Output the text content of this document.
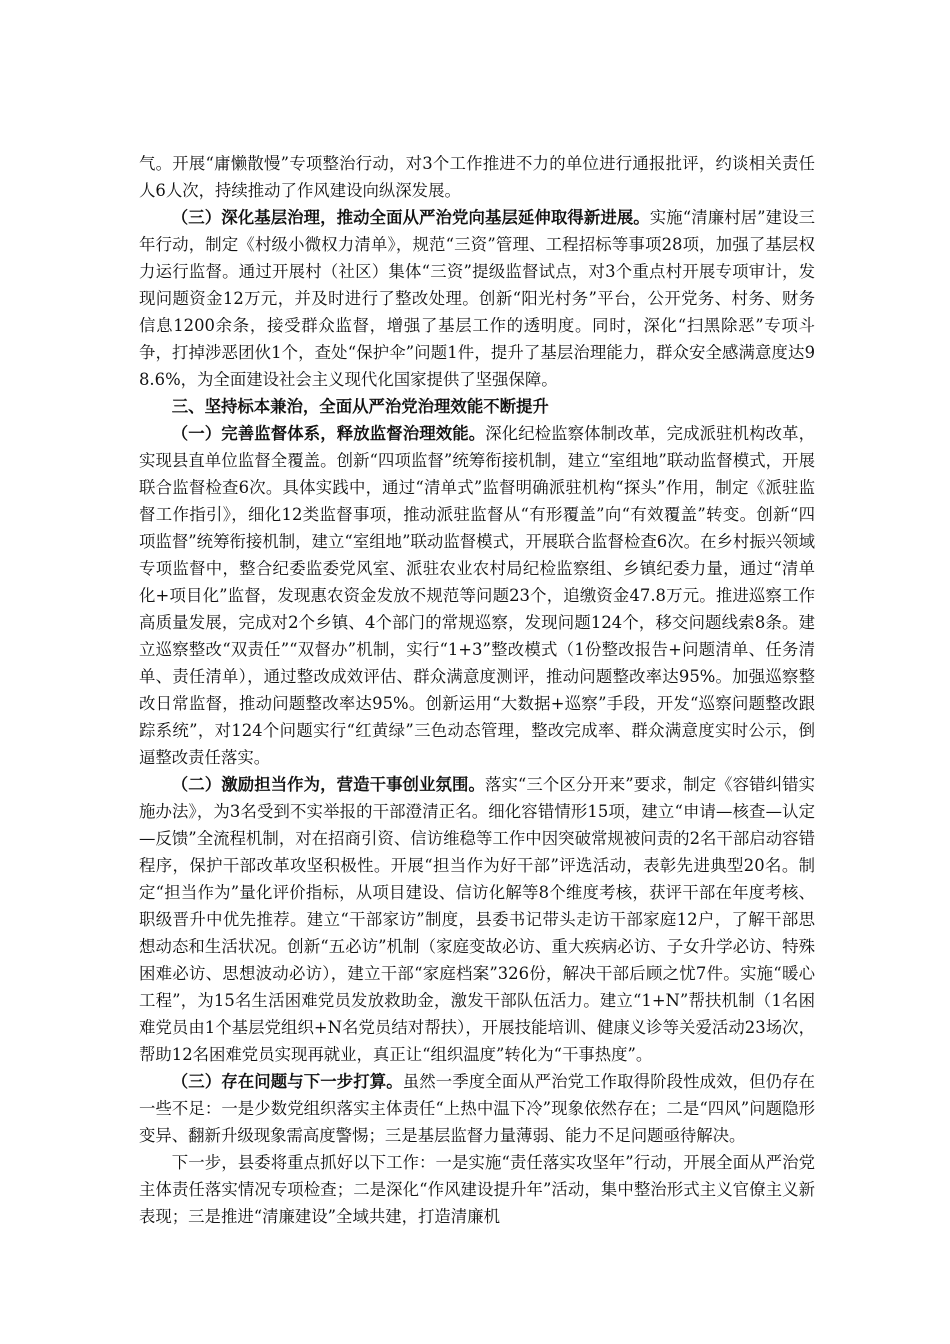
气。开展“庸懒散慢”专项整治行动，对3个工作推进不力的单位进行通报批评，约谈相关责任人6人次，持续推动了作风建设向纵深发展。

（三）深化基层治理，推动全面从严治党向基层延伸取得新进展。实施“清廉村居”建设三年行动，制定《村级小微权力清单》，规范“三资”管理、工程招标等事项28项，加强了基层权力运行监督。通过开展村（社区）集体“三资”提级监督试点，对3个重点村开展专项审计，发现问题资金12万元，并及时进行了整改处理。创新“阳光村务”平台，公开党务、村务、财务信息1200余条，接受群众监督，增强了基层工作的透明度。同时，深化“扫黑除恶”专项斗争，打掉涉恶团伙1个，查处“保护伞”问题1件，提升了基层治理能力，群众安全感满意度达98.6%，为全面建设社会主义现代化国家提供了坚强保障。

三、坚持标本兼治，全面从严治党治理效能不断提升

（一）完善监督体系，释放监督治理效能。深化纪检监察体制改革，完成派驻机构改革，实现县直单位监督全覆盖。创新“四项监督”统筹衔接机制，建立“室组地”联动监督模式，开展联合监督检查6次。具体实践中，通过“清单式”监督明确派驻机构“探头”作用，制定《派驻监督工作指引》，细化12类监督事项，推动派驻监督从“有形覆盖”向“有效覆盖”转变。创新“四项监督”统筹衔接机制，建立“室组地”联动监督模式，开展联合监督检查6次。在乡村振兴领域专项监督中，整合纪委监委党风室、派驻农业农村局纪检监察组、乡镇纪委力量，通过“清单化+项目化”监督，发现惠农资金发放不规范等问题23个，追缴资金47.8万元。推进巡察工作高质量发展，完成对2个乡镇、4个部门的常规巡察，发现问题124个，移交问题线索8条。建立巡察整改“双责任”“双督办”机制，实行“1+3”整改模式（1份整改报告+问题清单、任务清单、责任清单），通过整改成效评估、群众满意度测评，推动问题整改率达95%。加强巡察整改日常监督，推动问题整改率达95%。创新运用“大数据+巡察”手段，开发“巡察问题整改跟踪系统”，对124个问题实行“红黄绿”三色动态管理，整改完成率、群众满意度实时公示，倒逼整改责任落实。

（二）激励担当作为，营造干事创业氛围。落实“三个区分开来”要求，制定《容错纠错实施办法》，为3名受到不实举报的干部澄清正名。细化容错情形15项，建立“申请—核查—认定—反馈”全流程机制，对在招商引资、信访维稳等工作中因突破常规被问责的2名干部启动容错程序，保护干部改革攻坚积极性。开展“担当作为好干部”评选活动，表彰先进典型20名。制定“担当作为”量化评价指标，从项目建设、信访化解等8个维度考核，获评干部在年度考核、职级晋升中优先推荐。建立“干部家访”制度，县委书记带头走访干部家庭12户，了解干部思想动态和生活状况。创新“五必访”机制（家庭变故必访、重大疾病必访、子女升学必访、特殊困难必访、思想波动必访），建立干部“家庭档案”326份，解决干部后顾之忧7件。实施“暖心工程”，为15名生活困难党员发放救助金，激发干部队伍活力。建立“1+N”帮扶机制（1名困难党员由1个基层党组织+N名党员结对帮扶），开展技能培训、健康义诊等关爱活动23场次，帮助12名困难党员实现再就业，真正让“组织温度”转化为“干事热度”。

（三）存在问题与下一步打算。虽然一季度全面从严治党工作取得阶段性成效，但仍存在一些不足：一是少数党组织落实主体责任“上热中温下冷”现象依然存在；二是“四风”问题隐形变异、翻新升级现象需高度警惕；三是基层监督力量薄弱、能力不足问题亟待解决。

下一步，县委将重点抓好以下工作：一是实施“责任落实攻坚年”行动，开展全面从严治党主体责任落实情况专项检查；二是深化“作风建设提升年”活动，集中整治形式主义官僚主义新表现；三是推进“清廉建设”全域共建，打造清廉机
